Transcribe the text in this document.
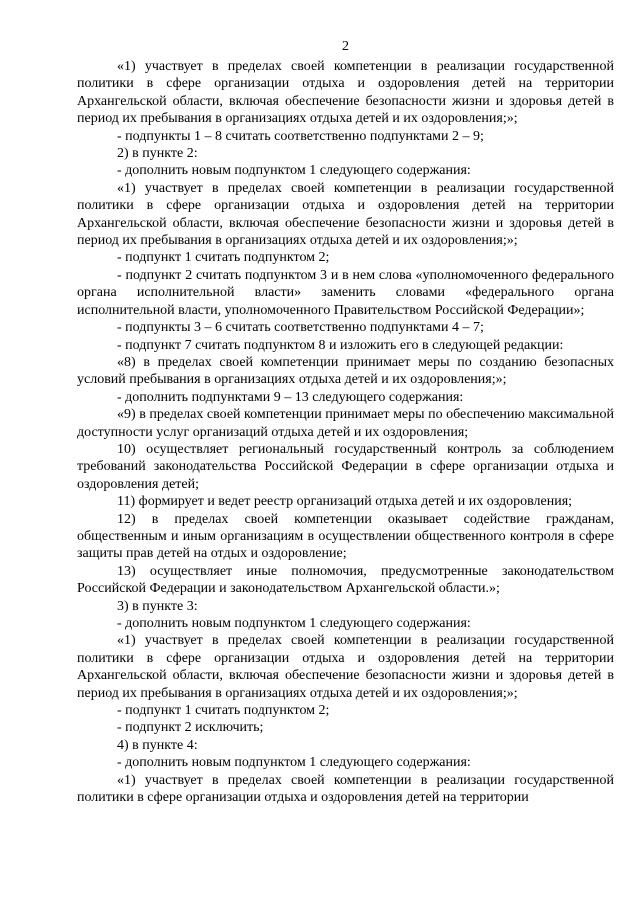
2

«1) участвует в пределах своей компетенции в реализации государственной политики в сфере организации отдыха и оздоровления детей на территории Архангельской области, включая обеспечение безопасности жизни и здоровья детей в период их пребывания в организациях отдыха детей и их оздоровления;»;

- подпункты 1 – 8 считать соответственно подпунктами 2 – 9;

2) в пункте 2:

- дополнить новым подпунктом 1 следующего содержания:

«1) участвует в пределах своей компетенции в реализации государственной политики в сфере организации отдыха и оздоровления детей на территории Архангельской области, включая обеспечение безопасности жизни и здоровья детей в период их пребывания в организациях отдыха детей и их оздоровления;»;

- подпункт 1 считать подпунктом 2;

- подпункт 2 считать подпунктом 3 и в нем слова «уполномоченного федерального органа исполнительной власти» заменить словами «федерального органа исполнительной власти, уполномоченного Правительством Российской Федерации»;

- подпункты 3 – 6 считать соответственно подпунктами 4 – 7;

- подпункт 7 считать подпунктом 8 и изложить его в следующей редакции:

«8) в пределах своей компетенции принимает меры по созданию безопасных условий пребывания в организациях отдыха детей и их оздоровления;»;

- дополнить подпунктами 9 – 13 следующего содержания:

«9) в пределах своей компетенции принимает меры по обеспечению максимальной доступности услуг организаций отдыха детей и их оздоровления;

10) осуществляет региональный государственный контроль за соблюдением требований законодательства Российской Федерации в сфере организации отдыха и оздоровления детей;

11) формирует и ведет реестр организаций отдыха детей и их оздоровления;

12) в пределах своей компетенции оказывает содействие гражданам, общественным и иным организациям в осуществлении общественного контроля в сфере защиты прав детей на отдых и оздоровление;

13) осуществляет иные полномочия, предусмотренные законодательством Российской Федерации и законодательством Архангельской области.»;

3) в пункте 3:

- дополнить новым подпунктом 1 следующего содержания:

«1) участвует в пределах своей компетенции в реализации государственной политики в сфере организации отдыха и оздоровления детей на территории Архангельской области, включая обеспечение безопасности жизни и здоровья детей в период их пребывания в организациях отдыха детей и их оздоровления;»;

- подпункт 1 считать подпунктом 2;

- подпункт 2 исключить;

4) в пункте 4:

- дополнить новым подпунктом 1 следующего содержания:

«1) участвует в пределах своей компетенции в реализации государственной политики в сфере организации отдыха и оздоровления детей на территории
